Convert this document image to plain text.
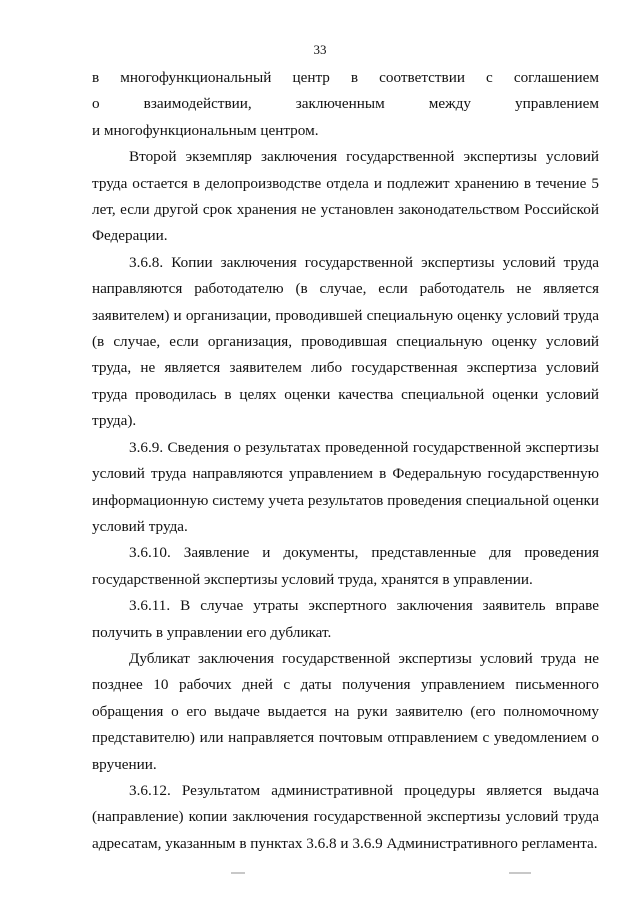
33
в многофункциональный центр в соответствии с соглашением
о взаимодействии, заключенным между управлением
и многофункциональным центром.

Второй экземпляр заключения государственной экспертизы условий труда остается в делопроизводстве отдела и подлежит хранению в течение 5 лет, если другой срок хранения не установлен законодательством Российской Федерации.

3.6.8. Копии заключения государственной экспертизы условий труда направляются работодателю (в случае, если работодатель не является заявителем) и организации, проводившей специальную оценку условий труда (в случае, если организация, проводившая специальную оценку условий труда, не является заявителем либо государственная экспертиза условий труда проводилась в целях оценки качества специальной оценки условий труда).

3.6.9. Сведения о результатах проведенной государственной экспертизы условий труда направляются управлением в Федеральную государственную информационную систему учета результатов проведения специальной оценки условий труда.

3.6.10. Заявление и документы, представленные для проведения государственной экспертизы условий труда, хранятся в управлении.

3.6.11. В случае утраты экспертного заключения заявитель вправе получить в управлении его дубликат.

Дубликат заключения государственной экспертизы условий труда не позднее 10 рабочих дней с даты получения управлением письменного обращения о его выдаче выдается на руки заявителю (его полномочному представителю) или направляется почтовым отправлением с уведомлением о вручении.

3.6.12. Результатом административной процедуры является выдача (направление) копии заключения государственной экспертизы условий труда адресатам, указанным в пунктах 3.6.8 и 3.6.9 Административного регламента.
